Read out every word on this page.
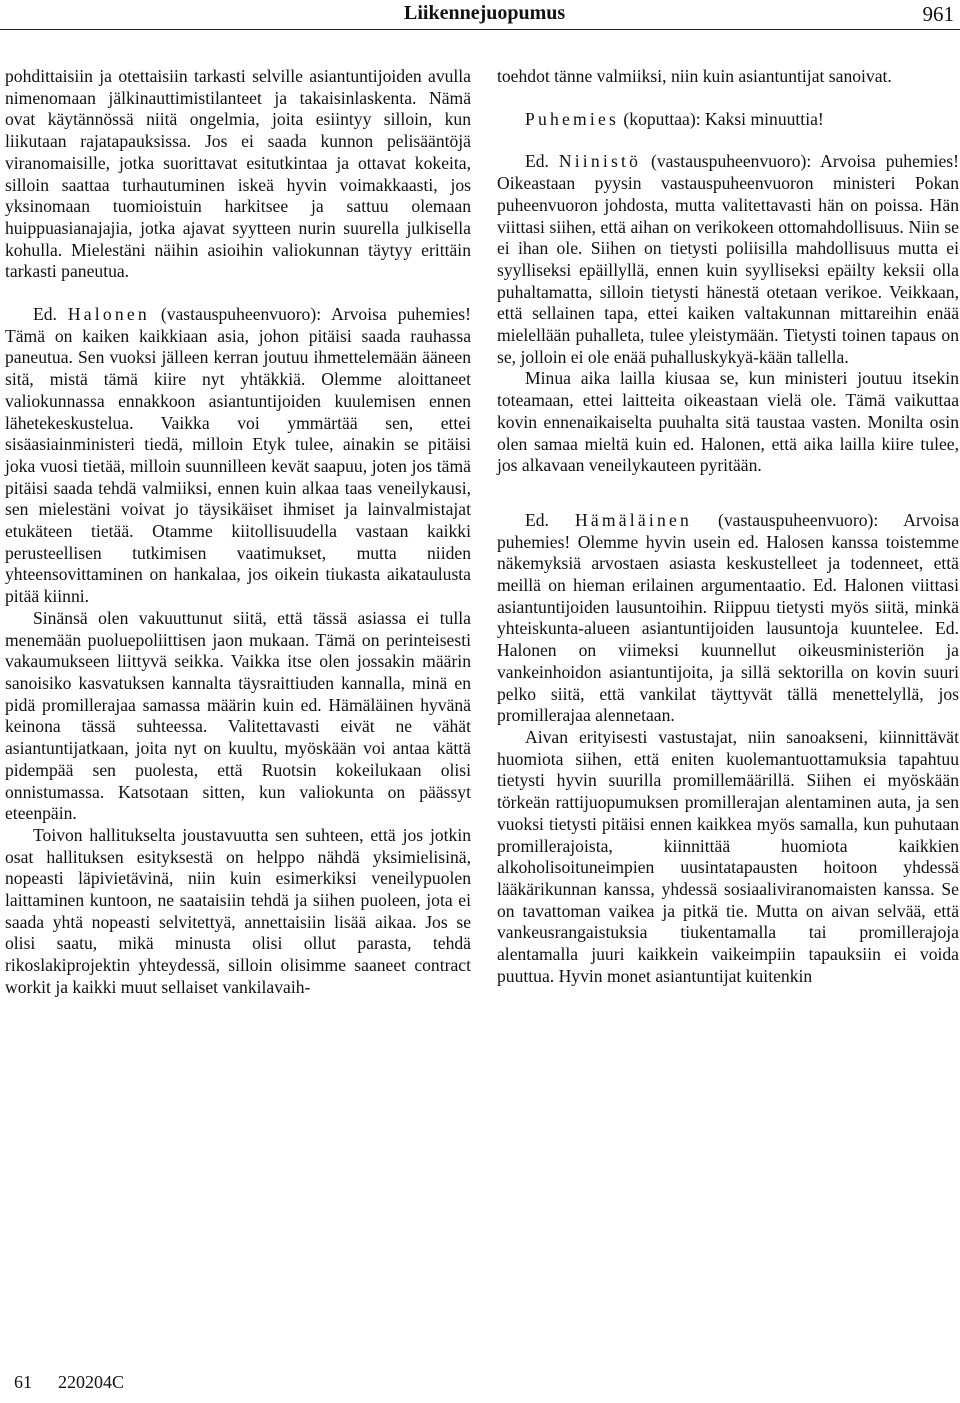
Liikennejuopumus	961

pohdittaisiin ja otettaisiin tarkasti selville asiantuntijoiden avulla nimenomaan jälkinauttimistilanteet ja takaisinlaskenta. Nämä ovat käytännössä niitä ongelmia, joita esiintyy silloin, kun liikutaan rajatapauksissa. Jos ei saada kunnon pelisääntöjä viranomaisille, jotka suorittavat esitutkintaa ja ottavat kokeita, silloin saattaa turhautuminen iskeä hyvin voimakkaasti, jos yksinomaan tuomioistuin harkitsee ja sattuu olemaan huippuasianajajia, jotka ajavat syytteen nurin suurella julkisella kohulla. Mielestäni näihin asioihin valiokunnan täytyy erittäin tarkasti paneutua.

Ed. Halonen (vastauspuheenvuoro): Arvoisa puhemies! Tämä on kaiken kaikkiaan asia, johon pitäisi saada rauhassa paneutua. Sen vuoksi jälleen kerran joutuu ihmettelemään ääneen sitä, mistä tämä kiire nyt yhtäkkiä. Olemme aloittaneet valiokunnassa ennakkoon asiantuntijoiden kuulemisen ennen lähetekeskustelua. Vaikka voi ymmärtää sen, ettei sisäasiainministeri tiedä, milloin Etyk tulee, ainakin se pitäisi joka vuosi tietää, milloin suunnilleen kevät saapuu, joten jos tämä pitäisi saada tehdä valmiiksi, ennen kuin alkaa taas veneilykausi, sen mielestäni voivat jo täysikäiset ihmiset ja lainvalmistajat etukäteen tietää. Otamme kiitollisuudella vastaan kaikki perusteellisen tutkimisen vaatimukset, mutta niiden yhteensovittaminen on hankalaa, jos oikein tiukasta aikataulusta pitää kiinni.

Sinänsä olen vakuuttunut siitä, että tässä asiassa ei tulla menemään puoluepoliittisen jaon mukaan. Tämä on perinteisesti vakaumukseen liittyvä seikka. Vaikka itse olen jossakin määrin sanoisiko kasvatuksen kannalta täysraittiuden kannalla, minä en pidä promillerajaa samassa määrin kuin ed. Hämäläinen hyvänä keinona tässä suhteessa. Valitettavasti eivät ne vähät asiantuntijatkaan, joita nyt on kuultu, myöskään voi antaa kättä pidempää sen puolesta, että Ruotsin kokeilukaan olisi onnistumassa. Katsotaan sitten, kun valiokunta on päässyt eteenpäin.

Toivon hallitukselta joustavuutta sen suhteen, että jos jotkin osat hallituksen esityksestä on helppo nähdä yksimielisinä, nopeasti läpivietävinä, niin kuin esimerkiksi veneilypuolen laittaminen kuntoon, ne saataisiin tehdä ja siihen puoleen, jota ei saada yhtä nopeasti selvitettyä, annettaisiin lisää aikaa. Jos se olisi saatu, mikä minusta olisi ollut parasta, tehdä rikoslakiprojektin yhteydessä, silloin olisimme saaneet contract workit ja kaikki muut sellaiset vankilavaih-

toehdot tänne valmiiksi, niin kuin asiantuntijat sanoivat.

Puhemies (koputtaa): Kaksi minuuttia!

Ed. Niinistö (vastauspuheenvuoro): Arvoisa puhemies! Oikeastaan pyysin vastauspuheenvuoron ministeri Pokan puheenvuoron johdosta, mutta valitettavasti hän on poissa. Hän viittasi siihen, että aihan on verikokeen ottomahdollisuus. Niin se ei ihan ole. Siihen on tietysti poliisilla mahdollisuus mutta ei syylliseksi epäillyllä, ennen kuin syylliseksi epäilty keksii olla puhaltamatta, silloin tietysti hänestä otetaan verikoe. Veikkaan, että sellainen tapa, ettei kaiken valtakunnan mittareihin enää mielellään puhalleta, tulee yleistymään. Tietysti toinen tapaus on se, jolloin ei ole enää puhalluskykyä-kään tallella.

Minua aika lailla kiusaa se, kun ministeri joutuu itsekin toteamaan, ettei laitteita oikeastaan vielä ole. Tämä vaikuttaa kovin ennenaikaiselta puuhalta sitä taustaa vasten. Monilta osin olen samaa mieltä kuin ed. Halonen, että aika lailla kiire tulee, jos alkavaan veneilykauteen pyritään.

Ed. Hämäläinen (vastauspuheenvuoro): Arvoisa puhemies! Olemme hyvin usein ed. Halosen kanssa toistemme näkemyksiä arvostaen asiasta keskustelleet ja todenneet, että meillä on hieman erilainen argumentaatio. Ed. Halonen viittasi asiantuntijoiden lausuntoihin. Riippuu tietysti myös siitä, minkä yhteiskunta-alueen asiantuntijoiden lausuntoja kuuntelee. Ed. Halonen on viimeksi kuunnellut oikeusministeriön ja vankeinhoidon asiantuntijoita, ja sillä sektorilla on kovin suuri pelko siitä, että vankilat täyttyvät tällä menettelyllä, jos promillerajaa alennetaan.

Aivan erityisesti vastustajat, niin sanoakseni, kiinnittävät huomiota siihen, että eniten kuolemantuottamuksia tapahtuu tietysti hyvin suurilla promillemäärillä. Siihen ei myöskään törkeän rattijuopumuksen promillerajan alentaminen auta, ja sen vuoksi tietysti pitäisi ennen kaikkea myös samalla, kun puhutaan promillerajoista, kiinnittää huomiota kaikkien alkoholisoituneimpien uusintatapausten hoitoon yhdessä lääkärikunnan kanssa, yhdessä sosiaaliviranomaisten kanssa. Se on tavattoman vaikea ja pitkä tie. Mutta on aivan selvää, että vankeusrangaistuksia tiukentamalla tai promillerajoja alentamalla juuri kaikkein vaikeimpiin tapauksiin ei voida puuttua. Hyvin monet asiantuntijat kuitenkin

61 220204C
